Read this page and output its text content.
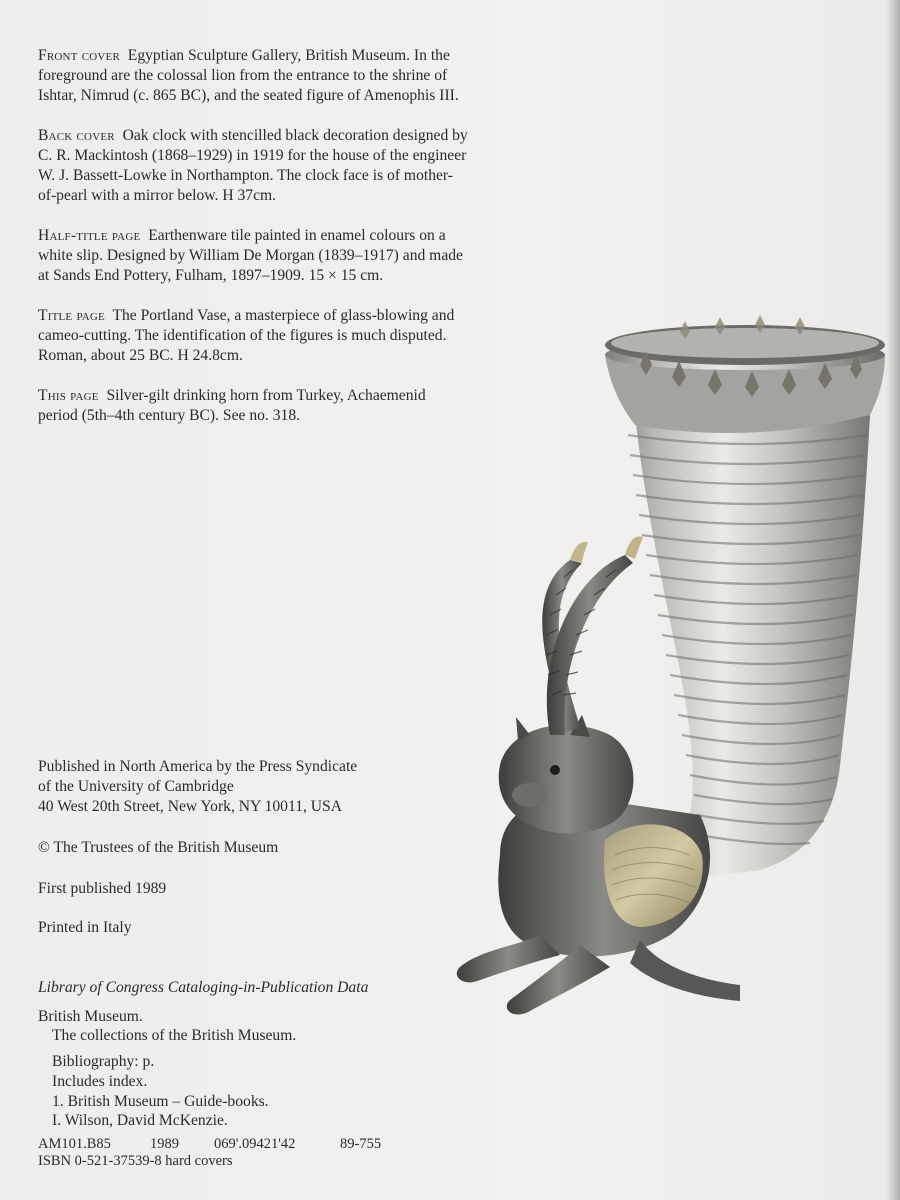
Front cover Egyptian Sculpture Gallery, British Museum. In the foreground are the colossal lion from the entrance to the shrine of Ishtar, Nimrud (c. 865 BC), and the seated figure of Amenophis III.

Back cover Oak clock with stencilled black decoration designed by C. R. Mackintosh (1868–1929) in 1919 for the house of the engineer W. J. Bassett-Lowke in Northampton. The clock face is of mother-of-pearl with a mirror below. H 37cm.

Half-title page Earthenware tile painted in enamel colours on a white slip. Designed by William De Morgan (1839–1917) and made at Sands End Pottery, Fulham, 1897–1909. 15 × 15 cm.

Title page The Portland Vase, a masterpiece of glass-blowing and cameo-cutting. The identification of the figures is much disputed. Roman, about 25 BC. H 24.8cm.

This page Silver-gilt drinking horn from Turkey, Achaemenid period (5th–4th century BC). See no. 318.

Published in North America by the Press Syndicate

of the University of Cambridge

40 West 20th Street, New York, NY 10011, USA

© The Trustees of the British Museum
First published 1989
Printed in Italy
Library of Congress Cataloging-in-Publication Data
British Museum.
The collections of the British Museum.
Bibliography: p.
Includes index.
1. British Museum – Guide-books.
I. Wilson, David McKenzie.
AM101.B85	1989 069'.09421'42	89-755
ISBN 0-521-37539-8 hard covers
